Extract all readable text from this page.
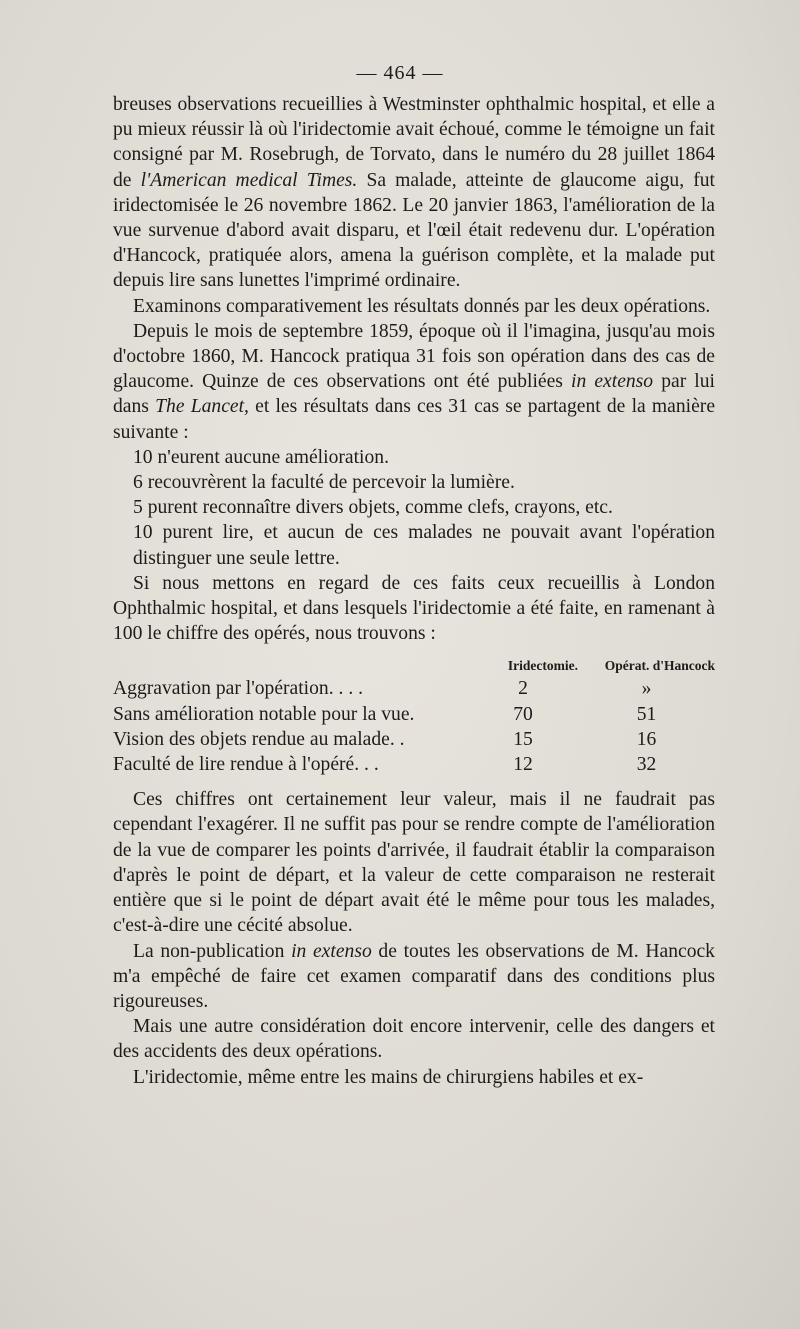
— 464 —

breuses observations recueillies à Westminster ophthalmic hospital, et elle a pu mieux réussir là où l'iridectomie avait échoué, comme le témoigne un fait consigné par M. Rosebrugh, de Torvato, dans le numéro du 28 juillet 1864 de l'American medical Times. Sa malade, atteinte de glaucome aigu, fut iridectomisée le 26 novembre 1862. Le 20 janvier 1863, l'amélioration de la vue survenue d'abord avait disparu, et l'œil était redevenu dur. L'opération d'Hancock, pratiquée alors, amena la guérison complète, et la malade put depuis lire sans lunettes l'imprimé ordinaire.

Examinons comparativement les résultats donnés par les deux opérations.

Depuis le mois de septembre 1859, époque où il l'imagina, jusqu'au mois d'octobre 1860, M. Hancock pratiqua 31 fois son opération dans des cas de glaucome. Quinze de ces observations ont été publiées in extenso par lui dans The Lancet, et les résultats dans ces 31 cas se partagent de la manière suivante :

10 n'eurent aucune amélioration.

6 recouvrèrent la faculté de percevoir la lumière.

5 purent reconnaître divers objets, comme clefs, crayons, etc.

10 purent lire, et aucun de ces malades ne pouvait avant l'opération distinguer une seule lettre.

Si nous mettons en regard de ces faits ceux recueillis à London Ophthalmic hospital, et dans lesquels l'iridectomie a été faite, en ramenant à 100 le chiffre des opérés, nous trouvons :

	Iridectomie.	Opérat. d'Hancock
Aggravation par l'opération. . . .	2	»
Sans amélioration notable pour la vue.	70	51
Vision des objets rendue au malade. .	15	16
Faculté de lire rendue à l'opéré. . .	12	32

Ces chiffres ont certainement leur valeur, mais il ne faudrait pas cependant l'exagérer. Il ne suffit pas pour se rendre compte de l'amélioration de la vue de comparer les points d'arrivée, il faudrait établir la comparaison d'après le point de départ, et la valeur de cette comparaison ne resterait entière que si le point de départ avait été le même pour tous les malades, c'est-à-dire une cécité absolue.

La non-publication in extenso de toutes les observations de M. Hancock m'a empêché de faire cet examen comparatif dans des conditions plus rigoureuses.

Mais une autre considération doit encore intervenir, celle des dangers et des accidents des deux opérations.

L'iridectomie, même entre les mains de chirurgiens habiles et ex-
